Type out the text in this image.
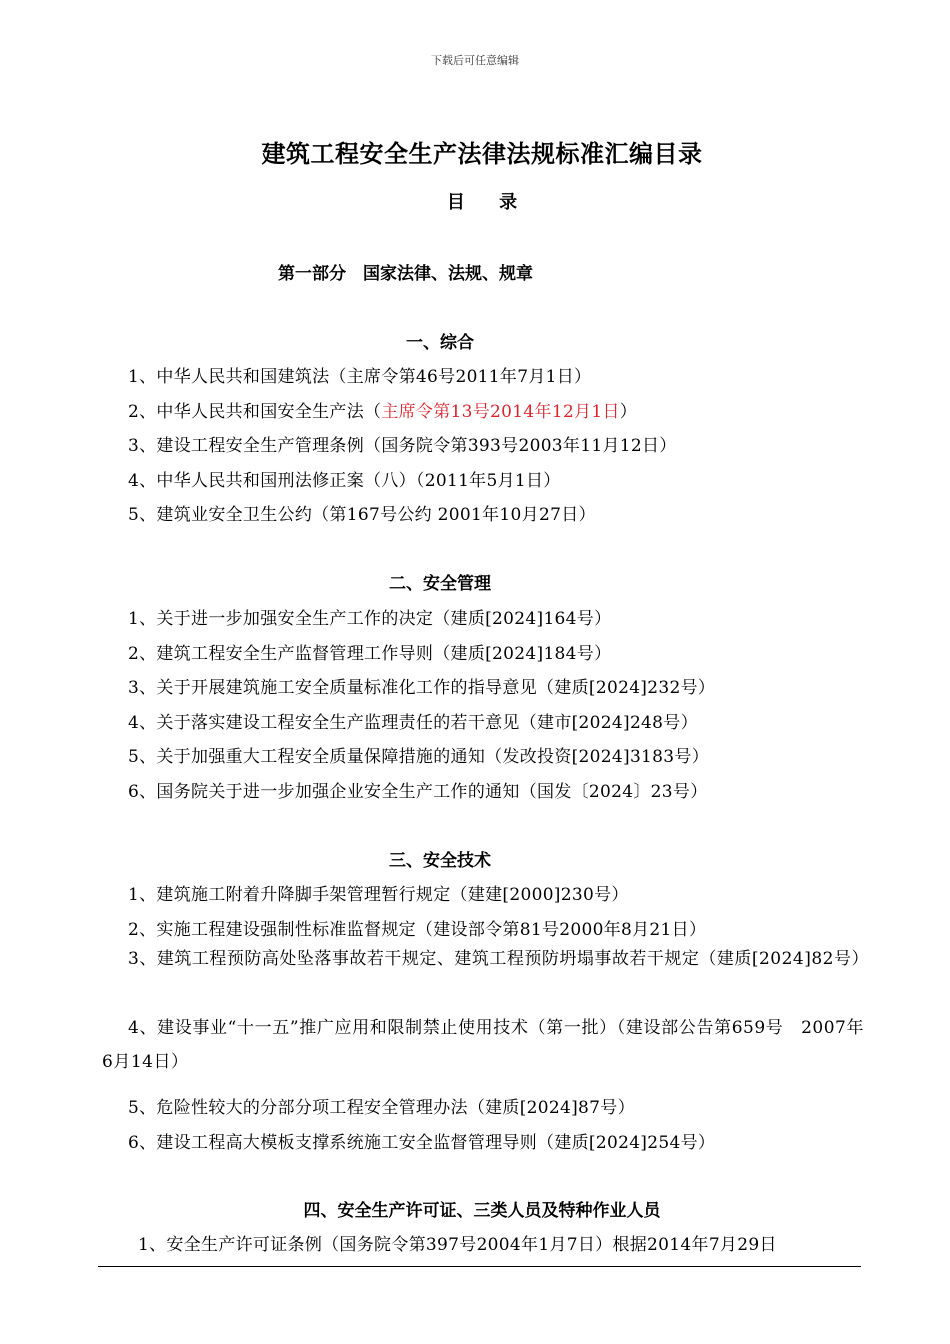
下载后可任意编辑
建筑工程安全生产法律法规标准汇编目录
目 录
第一部分　国家法律、法规、规章
一、综合
1、中华人民共和国建筑法（主席令第46号2011年7月1日）
2、中华人民共和国安全生产法（主席令第13号2014年12月1日）
3、建设工程安全生产管理条例（国务院令第393号2003年11月12日）
4、中华人民共和国刑法修正案（八）（2011年5月1日）
5、建筑业安全卫生公约（第167号公约 2001年10月27日）
二、安全管理
1、关于进一步加强安全生产工作的决定（建质[2024]164号）
2、建筑工程安全生产监督管理工作导则（建质[2024]184号）
3、关于开展建筑施工安全质量标准化工作的指导意见（建质[2024]232号）
4、关于落实建设工程安全生产监理责任的若干意见（建市[2024]248号）
5、关于加强重大工程安全质量保障措施的通知（发改投资[2024]3183号）
6、国务院关于进一步加强企业安全生产工作的通知（国发〔2024〕23号）
三、安全技术
1、建筑施工附着升降脚手架管理暂行规定（建建[2000]230号）
2、实施工程建设强制性标准监督规定（建设部令第81号2000年8月21日）
3、建筑工程预防高处坠落事故若干规定、建筑工程预防坍塌事故若干规定（建质[2024]82号）
4、建设事业“十一五”推广应用和限制禁止使用技术（第一批）（建设部公告第659号　2007年6月14日）
5、危险性较大的分部分项工程安全管理办法（建质[2024]87号）
6、建设工程高大模板支撑系统施工安全监督管理导则（建质[2024]254号）
四、安全生产许可证、三类人员及特种作业人员
1、安全生产许可证条例（国务院令第397号2004年1月7日）根据2014年7月29日
